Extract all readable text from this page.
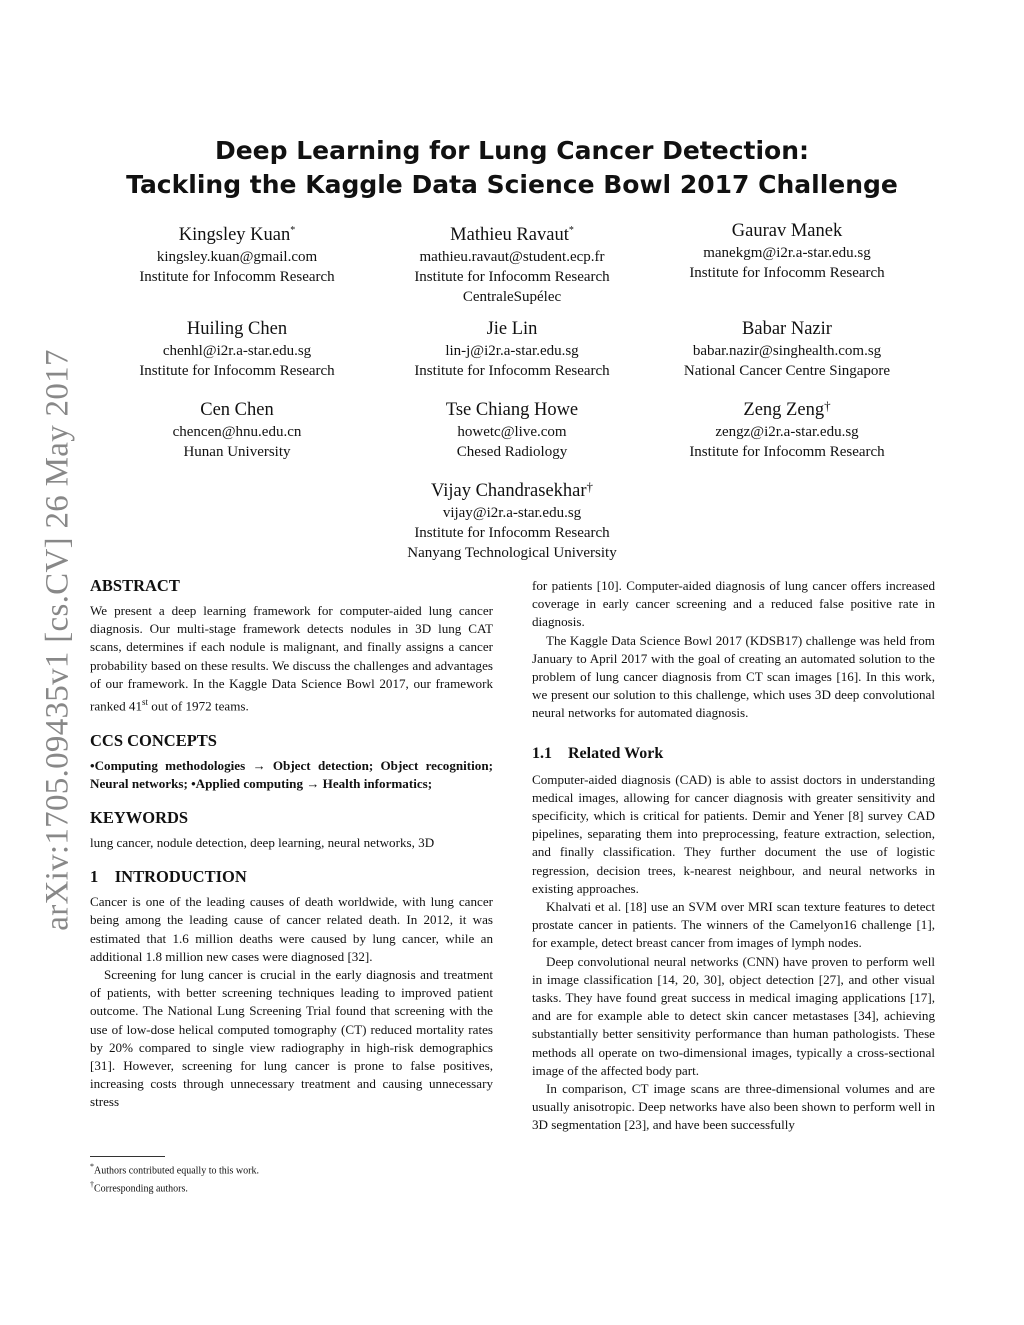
arXiv:1705.09435v1 [cs.CV] 26 May 2017
Deep Learning for Lung Cancer Detection:
Tackling the Kaggle Data Science Bowl 2017 Challenge
Kingsley Kuan*
kingsley.kuan@gmail.com
Institute for Infocomm Research
Mathieu Ravaut*
mathieu.ravaut@student.ecp.fr
Institute for Infocomm Research
CentraleSupélec
Gaurav Manek
manekgm@i2r.a-star.edu.sg
Institute for Infocomm Research
Huiling Chen
chenhl@i2r.a-star.edu.sg
Institute for Infocomm Research
Jie Lin
lin-j@i2r.a-star.edu.sg
Institute for Infocomm Research
Babar Nazir
babar.nazir@singhealth.com.sg
National Cancer Centre Singapore
Cen Chen
chencen@hnu.edu.cn
Hunan University
Tse Chiang Howe
howetc@live.com
Chesed Radiology
Zeng Zeng†
zengz@i2r.a-star.edu.sg
Institute for Infocomm Research
Vijay Chandrasekhar†
vijay@i2r.a-star.edu.sg
Institute for Infocomm Research
Nanyang Technological University
ABSTRACT

We present a deep learning framework for computer-aided lung cancer diagnosis. Our multi-stage framework detects nodules in 3D lung CAT scans, determines if each nodule is malignant, and finally assigns a cancer probability based on these results. We discuss the challenges and advantages of our framework. In the Kaggle Data Science Bowl 2017, our framework ranked 41st out of 1972 teams.

CCS CONCEPTS

•Computing methodologies → Object detection; Object recognition; Neural networks; •Applied computing → Health informatics;

KEYWORDS

lung cancer, nodule detection, deep learning, neural networks, 3D

1    INTRODUCTION

Cancer is one of the leading causes of death worldwide, with lung cancer being among the leading cause of cancer related death. In 2012, it was estimated that 1.6 million deaths were caused by lung cancer, while an additional 1.8 million new cases were diagnosed [32].

Screening for lung cancer is crucial in the early diagnosis and treatment of patients, with better screening techniques leading to improved patient outcome. The National Lung Screening Trial found that screening with the use of low-dose helical computed tomography (CT) reduced mortality rates by 20% compared to single view radiography in high-risk demographics [31]. However, screening for lung cancer is prone to false positives, increasing costs through unnecessary treatment and causing unnecessary stress

for patients [10]. Computer-aided diagnosis of lung cancer offers increased coverage in early cancer screening and a reduced false positive rate in diagnosis.

The Kaggle Data Science Bowl 2017 (KDSB17) challenge was held from January to April 2017 with the goal of creating an automated solution to the problem of lung cancer diagnosis from CT scan images [16]. In this work, we present our solution to this challenge, which uses 3D deep convolutional neural networks for automated diagnosis.

1.1    Related Work

Computer-aided diagnosis (CAD) is able to assist doctors in understanding medical images, allowing for cancer diagnosis with greater sensitivity and specificity, which is critical for patients. Demir and Yener [8] survey CAD pipelines, separating them into preprocessing, feature extraction, selection, and finally classification. They further document the use of logistic regression, decision trees, k-nearest neighbour, and neural networks in existing approaches.

Khalvati et al. [18] use an SVM over MRI scan texture features to detect prostate cancer in patients. The winners of the Camelyon16 challenge [1], for example, detect breast cancer from images of lymph nodes.

Deep convolutional neural networks (CNN) have proven to perform well in image classification [14, 20, 30], object detection [27], and other visual tasks. They have found great success in medical imaging applications [17], and are for example able to detect skin cancer metastases [34], achieving substantially better sensitivity performance than human pathologists. These methods all operate on two-dimensional images, typically a cross-sectional image of the affected body part.

In comparison, CT image scans are three-dimensional volumes and are usually anisotropic. Deep networks have also been shown to perform well in 3D segmentation [23], and have been successfully

*Authors contributed equally to this work.
†Corresponding authors.
